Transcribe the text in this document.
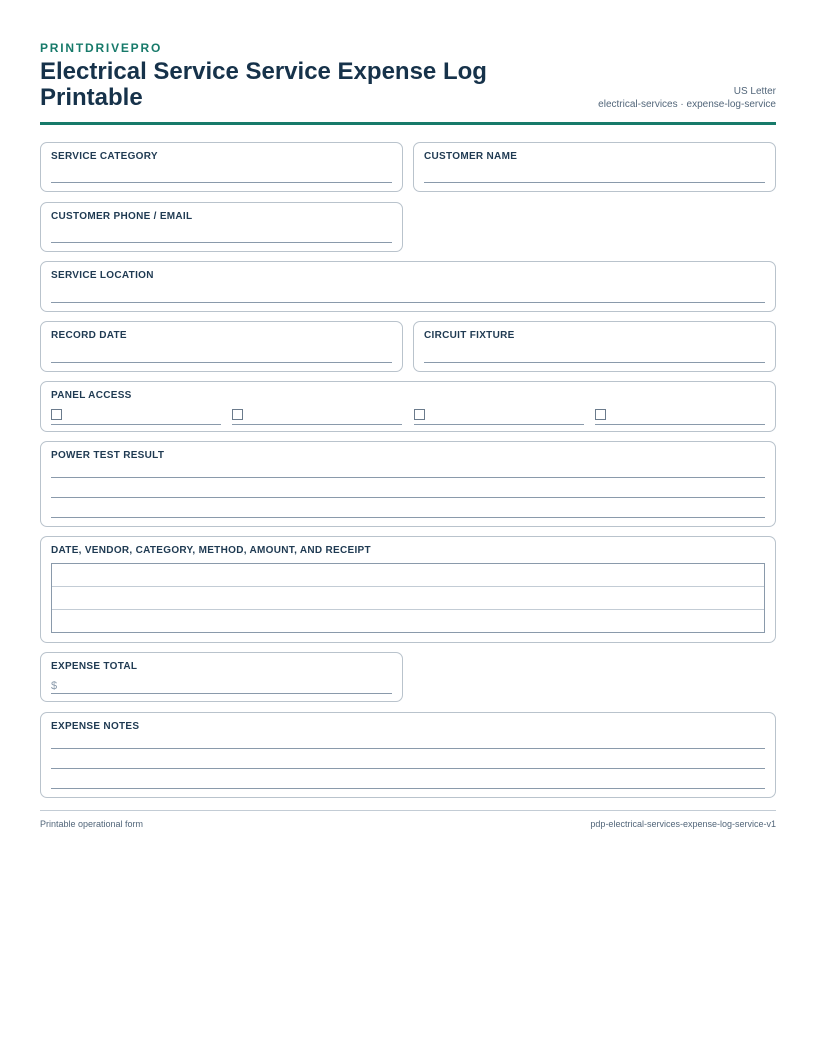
PRINTDRIVEPRO
Electrical Service Service Expense Log Printable	US Letter
electrical-services · expense-log-service
SERVICE CATEGORY	CUSTOMER NAME
CUSTOMER PHONE / EMAIL
SERVICE LOCATION
RECORD DATE	CIRCUIT FIXTURE
PANEL ACCESS
POWER TEST RESULT
DATE, VENDOR, CATEGORY, METHOD, AMOUNT, AND RECEIPT
EXPENSE TOTAL
$
EXPENSE NOTES
Printable operational form	pdp-electrical-services-expense-log-service-v1
